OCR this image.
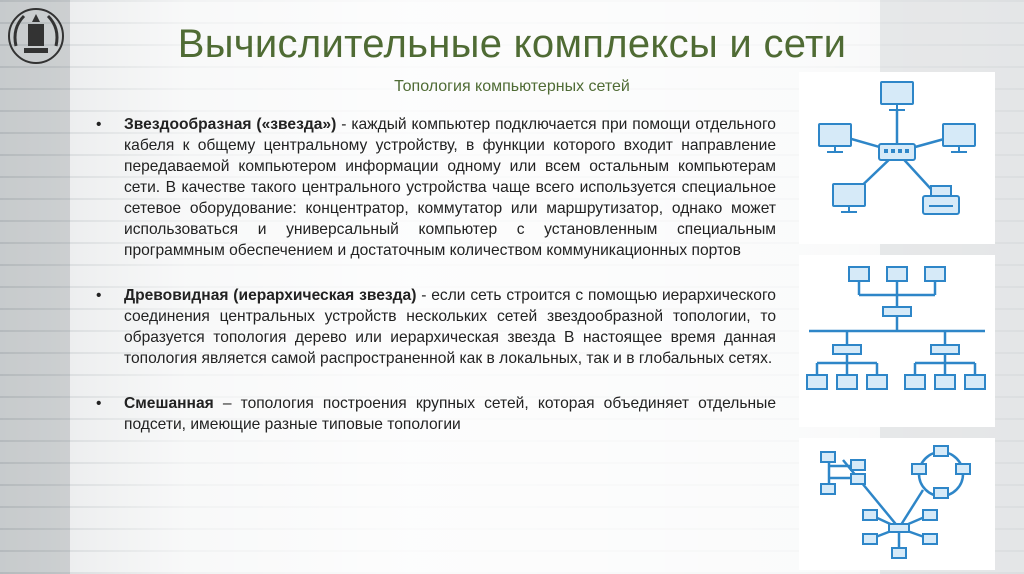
Вычислительные комплексы и сети
Топология компьютерных сетей
• Звездообразная («звезда») - каждый компьютер подключается при помощи отдельного кабеля к общему центральному устройству, в функции которого входит направление передаваемой компьютером информации одному или всем остальным компьютерам сети. В качестве такого центрального устройства чаще всего используется специальное сетевое оборудование: концентратор, коммутатор или маршрутизатор, однако может использоваться и универсальный компьютер с установленным специальным программным обеспечением и достаточным количеством коммуникационных портов
• Древовидная (иерархическая звезда) - если сеть строится с помощью иерархического соединения центральных устройств нескольких сетей звездообразной топологии, то образуется топология дерево или иерархическая звезда В настоящее время данная топология является самой распространенной как в локальных, так и в глобальных сетях.
• Смешанная – топология построения крупных сетей, которая объединяет отдельные подсети, имеющие разные типовые топологии
